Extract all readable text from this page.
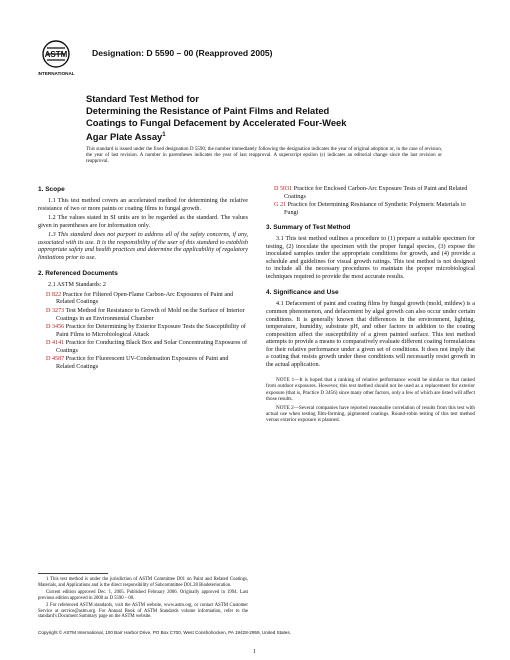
ASTM
INTERNATIONAL
Designation: D 5590 – 00 (Reapproved 2005)
Standard Test Method for
Determining the Resistance of Paint Films and Related
Coatings to Fungal Defacement by Accelerated Four-Week
Agar Plate Assay$^1$
This standard is issued under the fixed designation D 5590; the number immediately following the designation indicates the year of original adoption or, in the case of revision, the year of last revision. A number in parentheses indicates the year of last reapproval. A superscript epsilon (ε) indicates an editorial change since the last revision or reapproval.
1. Scope

1.1 This test method covers an accelerated method for determining the relative resistance of two or more paints or coating films to fungal growth.

1.2 The values stated in SI units are to be regarded as the standard. The values given in parentheses are for information only.

1.3 This standard does not purport to address all of the safety concerns, if any, associated with its use. It is the responsibility of the user of this standard to establish appropriate safety and health practices and determine the applicability of regulatory limitations prior to use.

2. Referenced Documents

2.1 ASTM Standards: 2

D 822 Practice for Filtered Open-Flame Carbon-Arc Exposures of Paint and Related Coatings

D 3273 Test Method for Resistance to Growth of Mold on the Surface of Interior Coatings in an Environmental Chamber

D 3456 Practice for Determining by Exterior Exposure Tests the Susceptibility of Paint Films to Microbiological Attack

D 4141 Practice for Conducting Black Box and Solar Concentrating Exposures of Coatings

D 4587 Practice for Fluorescent UV-Condensation Exposures of Paint and Related Coatings

D 5031 Practice for Enclosed Carbon-Arc Exposure Tests of Paint and Related Coatings

G 21 Practice for Determining Resistance of Synthetic Polymeric Materials to Fungi

3. Summary of Test Method

3.1 This test method outlines a procedure to (1) prepare a suitable specimen for testing, (2) inoculate the specimen with the proper fungal species, (3) expose the inoculated samples under the appropriate conditions for growth, and (4) provide a schedule and guidelines for visual growth ratings. This test method is not designed to include all the necessary procedures to maintain the proper microbiological techniques required to provide the most accurate results.

4. Significance and Use

4.1 Defacement of paint and coating films by fungal growth (mold, mildew) is a common phenomenon, and defacement by algal growth can also occur under certain conditions. It is generally known that differences in the environment, lighting, temperature, humidity, substrate pH, and other factors in addition to the coating composition affect the susceptibility of a given painted surface. This test method attempts to provide a means to comparatively evaluate different coating formulations for their relative performance under a given set of conditions. It does not imply that a coating that resists growth under these conditions will necessarily resist growth in the actual application.

NOTE 1—It is hoped that a ranking of relative performance would be similar to that ranked from outdoor exposures. However, this test method should not be used as a replacement for exterior exposure (that is, Practice D 3456) since many other factors, only a few of which are listed will affect those results.

NOTE 2—Several companies have reported reasonable correlation of results from this test with actual use when testing film-forming, pigmented coatings. Round-robin testing of this test method versus exterior exposure is planned.

1 This test method is under the jurisdiction of ASTM Committee D01 on Paint and Related Coatings, Materials, and Applications and is the direct responsibility of Subcommittee D01.28 Biodeterioration.

Current edition approved Dec. 1, 2005. Published February 2006. Originally approved in 1994. Last previous edition approved in 2000 as D 5590 – 00.

2 For referenced ASTM standards, visit the ASTM website, www.astm.org, or contact ASTM Customer Service at service@astm.org. For Annual Book of ASTM Standards volume information, refer to the standard's Document Summary page on the ASTM website.

Copyright © ASTM International, 100 Barr Harbor Drive, PO Box C700, West Conshohocken, PA 19428-2959, United States.
1
